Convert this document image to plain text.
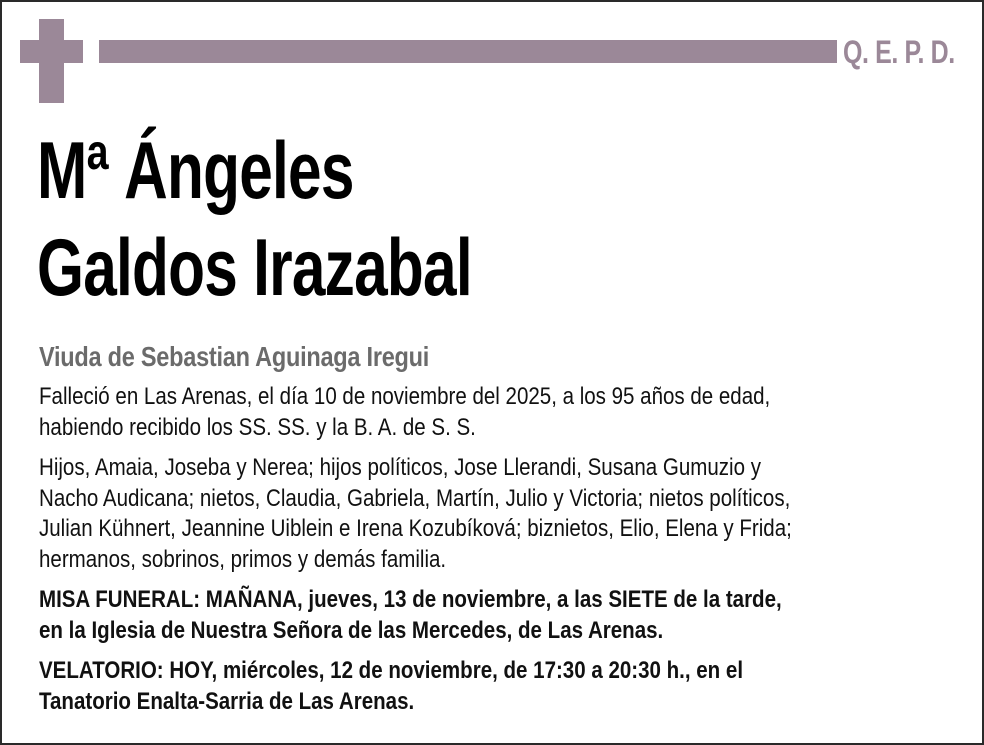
Q. E. P. D.
Mª Ángeles
Galdos Irazabal
Viuda de Sebastian Aguinaga Iregui

Falleció en Las Arenas, el día 10 de noviembre del 2025, a los 95 años de edad,
habiendo recibido los SS. SS. y la B. A. de S. S.

Hijos, Amaia, Joseba y Nerea; hijos políticos, Jose Llerandi, Susana Gumuzio y
Nacho Audicana; nietos, Claudia, Gabriela, Martín, Julio y Victoria; nietos políticos,
Julian Kühnert, Jeannine Uiblein e Irena Kozubíková; biznietos, Elio, Elena y Frida;
hermanos, sobrinos, primos y demás familia.

MISA FUNERAL: MAÑANA, jueves, 13 de noviembre, a las SIETE de la tarde,
en la Iglesia de Nuestra Señora de las Mercedes, de Las Arenas.

VELATORIO: HOY, miércoles, 12 de noviembre, de 17:30 a 20:30 h., en el
Tanatorio Enalta-Sarria de Las Arenas.
